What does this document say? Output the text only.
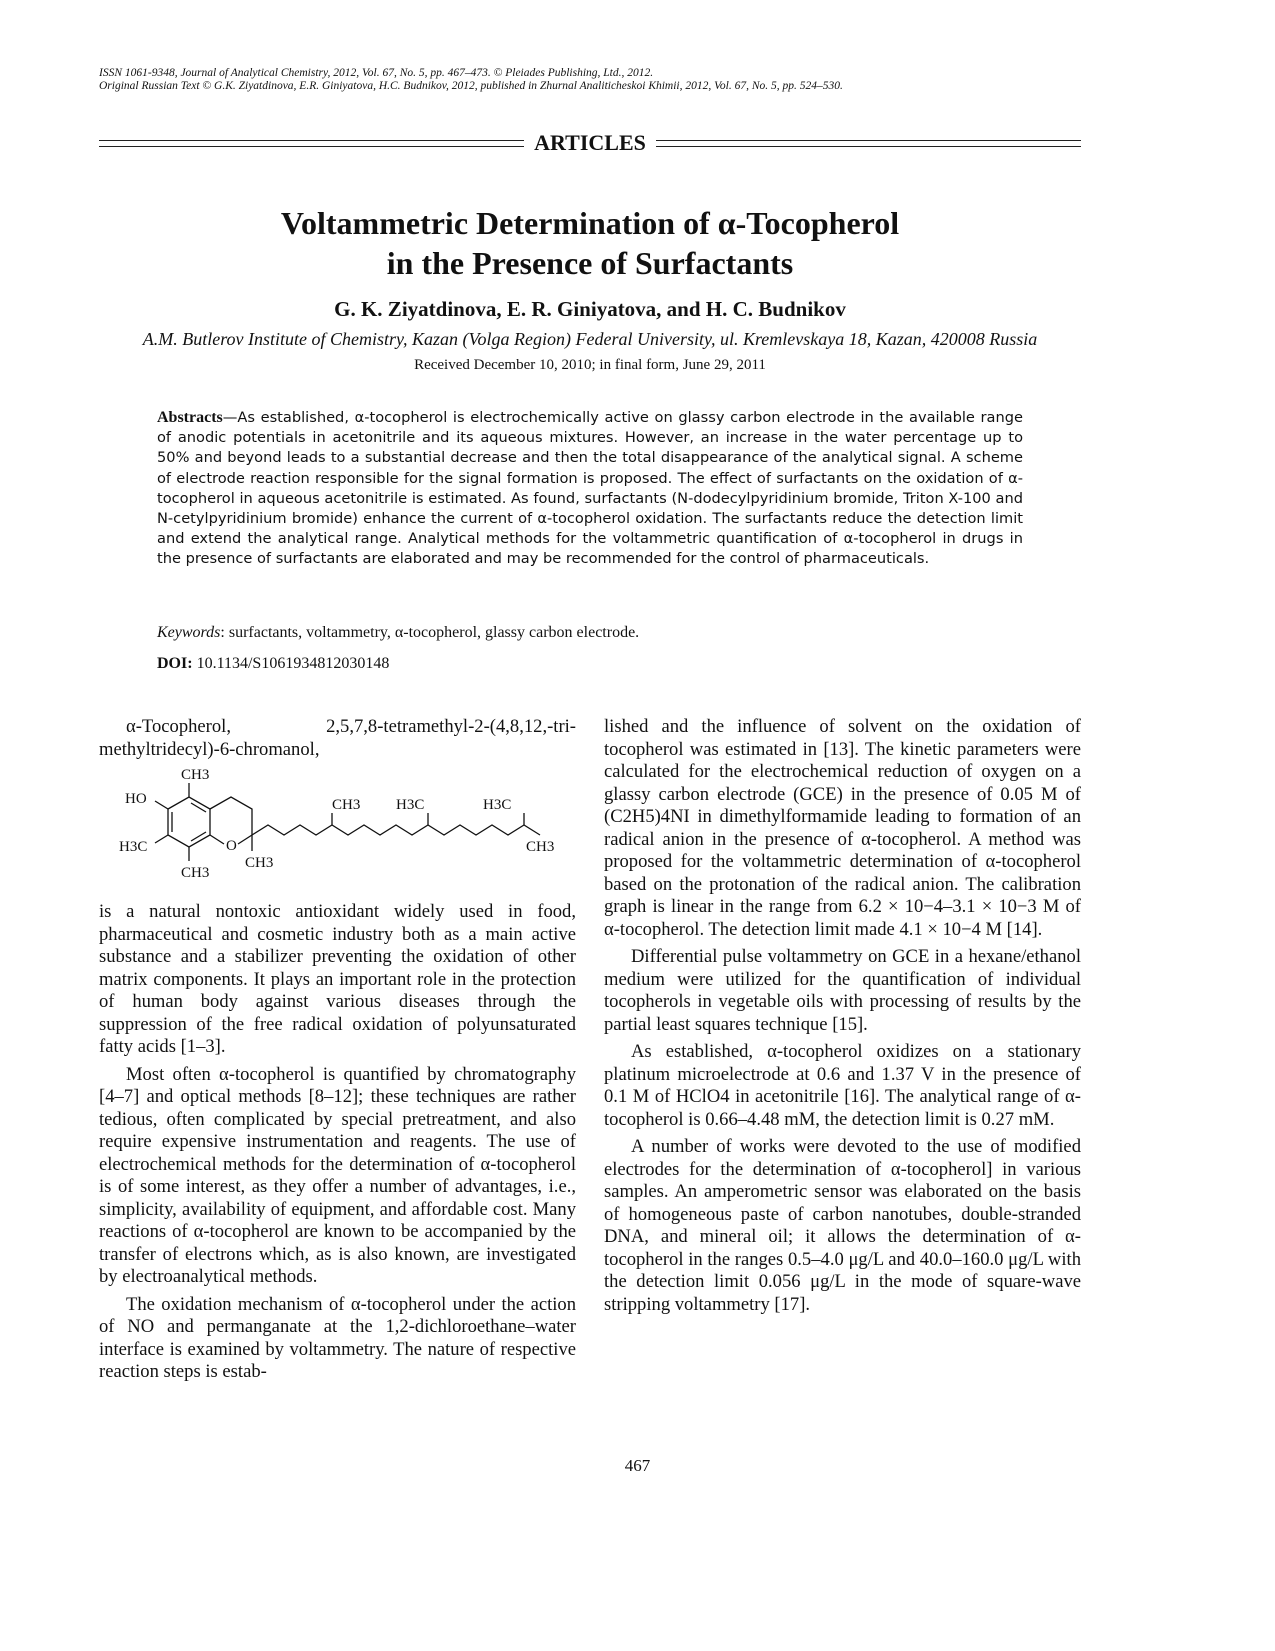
ISSN 1061-9348, Journal of Analytical Chemistry, 2012, Vol. 67, No. 5, pp. 467–473. © Pleiades Publishing, Ltd., 2012.
Original Russian Text © G.K. Ziyatdinova, E.R. Giniyatova, H.C. Budnikov, 2012, published in Zhurnal Analiticheskoi Khimii, 2012, Vol. 67, No. 5, pp. 524–530.
ARTICLES
Voltammetric Determination of α-Tocopherol
in the Presence of Surfactants
G. K. Ziyatdinova, E. R. Giniyatova, and H. C. Budnikov
A.M. Butlerov Institute of Chemistry, Kazan (Volga Region) Federal University, ul. Kremlevskaya 18, Kazan, 420008 Russia
Received December 10, 2010; in final form, June 29, 2011
Abstracts—As established, α-tocopherol is electrochemically active on glassy carbon electrode in the available range of anodic potentials in acetonitrile and its aqueous mixtures. However, an increase in the water percentage up to 50% and beyond leads to a substantial decrease and then the total disappearance of the analytical signal. A scheme of electrode reaction responsible for the signal formation is proposed. The effect of surfactants on the oxidation of α-tocopherol in aqueous acetonitrile is estimated. As found, surfactants (N-dodecylpyridinium bromide, Triton X-100 and N-cetylpyridinium bromide) enhance the current of α-tocopherol oxidation. The surfactants reduce the detection limit and extend the analytical range. Analytical methods for the voltammetric quantification of α-tocopherol in drugs in the presence of surfactants are elaborated and may be recommended for the control of pharmaceuticals.
Keywords: surfactants, voltammetry, α-tocopherol, glassy carbon electrode.
DOI: 10.1134/S1061934812030148

α-Tocopherol, 2,5,7,8-tetramethyl-2-(4,8,12,-tri-methyltridecyl)-6-chromanol,

CH3
HO
H3C
CH3
O
CH3
CH3 H3C	H3C
CH3

is a natural nontoxic antioxidant widely used in food, pharmaceutical and cosmetic industry both as a main active substance and a stabilizer preventing the oxidation of other matrix components. It plays an important role in the protection of human body against various diseases through the suppression of the free radical oxidation of polyunsaturated fatty acids [1–3].

Most often α-tocopherol is quantified by chromatography [4–7] and optical methods [8–12]; these techniques are rather tedious, often complicated by special pretreatment, and also require expensive instrumentation and reagents. The use of electrochemical methods for the determination of α-tocopherol is of some interest, as they offer a number of advantages, i.e., simplicity, availability of equipment, and affordable cost. Many reactions of α-tocopherol are known to be accompanied by the transfer of electrons which, as is also known, are investigated by electroanalytical methods.

The oxidation mechanism of α-tocopherol under the action of NO and permanganate at the 1,2-dichloroethane–water interface is examined by voltammetry. The nature of respective reaction steps is estab-

lished and the influence of solvent on the oxidation of tocopherol was estimated in [13]. The kinetic parameters were calculated for the electrochemical reduction of oxygen on a glassy carbon electrode (GCE) in the presence of 0.05 M of (C2H5)4NI in dimethylformamide leading to formation of an radical anion in the presence of α-tocopherol. A method was proposed for the voltammetric determination of α-tocopherol based on the protonation of the radical anion. The calibration graph is linear in the range from 6.2 × 10−4–3.1 × 10−3 M of α-tocopherol. The detection limit made 4.1 × 10−4 M [14].

Differential pulse voltammetry on GCE in a hexane/ethanol medium were utilized for the quantification of individual tocopherols in vegetable oils with processing of results by the partial least squares technique [15].

As established, α-tocopherol oxidizes on a stationary platinum microelectrode at 0.6 and 1.37 V in the presence of 0.1 M of HClO4 in acetonitrile [16]. The analytical range of α-tocopherol is 0.66–4.48 mM, the detection limit is 0.27 mM.

A number of works were devoted to the use of modified electrodes for the determination of α-tocopherol] in various samples. An amperometric sensor was elaborated on the basis of homogeneous paste of carbon nanotubes, double-stranded DNA, and mineral oil; it allows the determination of α-tocopherol in the ranges 0.5–4.0 μg/L and 40.0–160.0 μg/L with the detection limit 0.056 μg/L in the mode of square-wave stripping voltammetry [17].

467
